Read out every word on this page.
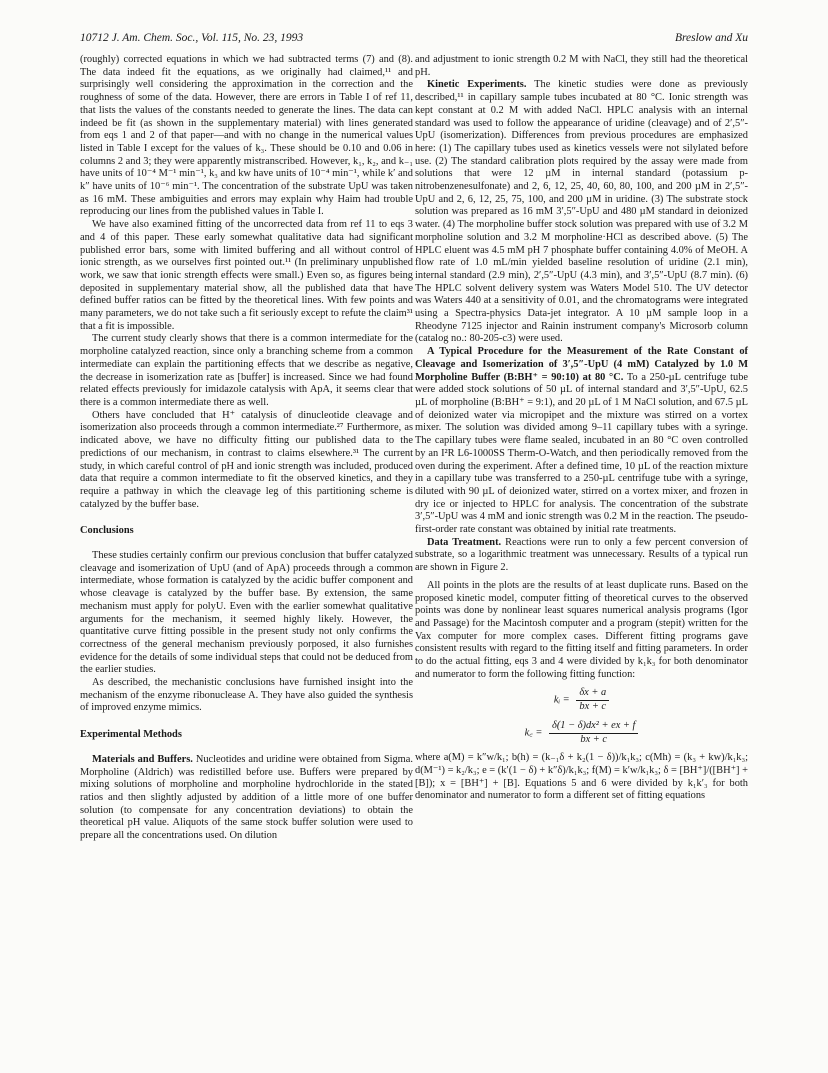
10712 J. Am. Chem. Soc., Vol. 115, No. 23, 1993	Breslow and Xu

(roughly) corrected equations in which we had subtracted terms (7) and (8). The data indeed fit the equations, as we originally had claimed,¹¹ and surprisingly well considering the approximation in the correction and the roughness of some of the data. However, there are errors in Table I of ref 11, that lists the values of the constants needed to generate the lines. The data can indeed be fit (as shown in the supplementary material) with lines generated from eqs 1 and 2 of that paper—and with no change in the numerical values listed in Table I except for the values of k₃. These should be 0.10 and 0.06 in columns 2 and 3; they were apparently mistranscribed. However, k₁, k₂, and k₋₁ have units of 10⁻⁴ M⁻¹ min⁻¹, k₃ and kw have units of 10⁻⁴ min⁻¹, while k′ and k″ have units of 10⁻⁶ min⁻¹. The concentration of the substrate UpU was taken as 16 mM. These ambiguities and errors may explain why Haim had trouble reproducing our lines from the published values in Table I.

We have also examined fitting of the uncorrected data from ref 11 to eqs 3 and 4 of this paper. These early somewhat qualitative data had significant published error bars, some with limited buffering and all without control of ionic strength, as we ourselves first pointed out.¹¹ (In preliminary unpublished work, we saw that ionic strength effects were small.) Even so, as figures being deposited in supplementary material show, all the published data that have defined buffer ratios can be fitted by the theoretical lines. With few points and many parameters, we do not take such a fit seriously except to refute the claim³¹ that a fit is impossible.

The current study clearly shows that there is a common intermediate for the morpholine catalyzed reaction, since only a branching scheme from a common intermediate can explain the partitioning effects that we describe as negative, the decrease in isomerization rate as [buffer] is increased. Since we had found related effects previously for imidazole catalysis with ApA, it seems clear that there is a common intermediate there as well.

Others have concluded that H⁺ catalysis of dinucleotide cleavage and isomerization also proceeds through a common intermediate.²⁷ Furthermore, as indicated above, we have no difficulty fitting our published data to the predictions of our mechanism, in contrast to claims elsewhere.³¹ The current study, in which careful control of pH and ionic strength was included, produced data that require a common intermediate to fit the observed kinetics, and they require a pathway in which the cleavage leg of this partitioning scheme is catalyzed by the buffer base.

Conclusions

These studies certainly confirm our previous conclusion that buffer catalyzed cleavage and isomerization of UpU (and of ApA) proceeds through a common intermediate, whose formation is catalyzed by the acidic buffer component and whose cleavage is catalyzed by the buffer base. By extension, the same mechanism must apply for polyU. Even with the earlier somewhat qualitative arguments for the mechanism, it seemed highly likely. However, the quantitative curve fitting possible in the present study not only confirms the correctness of the general mechanism previously porposed, it also furnishes evidence for the details of some individual steps that could not be deduced from the earlier studies.

As described, the mechanistic conclusions have furnished insight into the mechanism of the enzyme ribonuclease A. They have also guided the synthesis of improved enzyme mimics.

Experimental Methods

Materials and Buffers. Nucleotides and uridine were obtained from Sigma. Morpholine (Aldrich) was redistilled before use. Buffers were prepared by mixing solutions of morpholine and morpholine hydrochloride in the stated ratios and then slightly adjusted by addition of a little more of one buffer solution (to compensate for any concentration deviations) to obtain the theoretical pH value. Aliquots of the same stock buffer solution were used to prepare all the concentrations used. On dilution

and adjustment to ionic strength 0.2 M with NaCl, they still had the theoretical pH.

Kinetic Experiments. The kinetic studies were done as previously described,¹¹ in capillary sample tubes incubated at 80 °C. Ionic strength was kept constant at 0.2 M with added NaCl. HPLC analysis with an internal standard was used to follow the appearance of uridine (cleavage) and of 2′,5″-UpU (isomerization). Differences from previous procedures are emphasized here: (1) The capillary tubes used as kinetics vessels were not silylated before use. (2) The standard calibration plots required by the assay were made from solutions that were 12 µM in internal standard (potassium p-nitrobenzenesulfonate) and 2, 6, 12, 25, 40, 60, 80, 100, and 200 µM in 2′,5″-UpU and 2, 6, 12, 25, 75, 100, and 200 µM in uridine. (3) The substrate stock solution was prepared as 16 mM 3′,5″-UpU and 480 µM standard in deionized water. (4) The morpholine buffer stock solution was prepared with use of 3.2 M morpholine solution and 3.2 M morpholine·HCl as described above. (5) The HPLC eluent was 4.5 mM pH 7 phosphate buffer containing 4.0% of MeOH. A flow rate of 1.0 mL/min yielded baseline resolution of uridine (2.1 min), internal standard (2.9 min), 2′,5″-UpU (4.3 min), and 3′,5″-UpU (8.7 min). (6) The HPLC solvent delivery system was Waters Model 510. The UV detector was Waters 440 at a sensitivity of 0.01, and the chromatograms were integrated using a Spectra-physics Data-jet integrator. A 10 µM sample loop in a Rheodyne 7125 injector and Rainin instrument company's Microsorb column (catalog no.: 80-205-c3) were used.

A Typical Procedure for the Measurement of the Rate Constant of Cleavage and Isomerization of 3′,5″-UpU (4 mM) Catalyzed by 1.0 M Morpholine Buffer (B:BH⁺ = 90:10) at 80 °C. To a 250-µL centrifuge tube were added stock solutions of 50 µL of internal standard and 3′,5″-UpU, 62.5 µL of morpholine (B:BH⁺ = 9:1), and 20 µL of 1 M NaCl solution, and 67.5 µL of deionized water via micropipet and the mixture was stirred on a vortex mixer. The solution was divided among 9–11 capillary tubes with a syringe. The capillary tubes were flame sealed, incubated in an 80 °C oven controlled by an I²R L6-1000SS Therm-O-Watch, and then periodically removed from the oven during the experiment. After a defined time, 10 µL of the reaction mixture in a capillary tube was transferred to a 250-µL centrifuge tube with a syringe, diluted with 90 µL of deionized water, stirred on a vortex mixer, and frozen in dry ice or injected to HPLC for analysis. The concentration of the substrate 3′,5″-UpU was 4 mM and ionic strength was 0.2 M in the reaction. The pseudo-first-order rate constant was obtained by initial rate treatments.

Data Treatment. Reactions were run to only a few percent conversion of substrate, so a logarithmic treatment was unnecessary. Results of a typical run are shown in Figure 2.

All points in the plots are the results of at least duplicate runs. Based on the proposed kinetic model, computer fitting of theoretical curves to the observed points was done by nonlinear least squares numerical analysis programs (Igor and Passage) for the Macintosh computer and a program (stepit) written for the Vax computer for more complex cases. Different fitting programs gave consistent results with regard to the fitting itself and fitting parameters. In order to do the actual fitting, eqs 3 and 4 were divided by k₁k₃ for both denominator and numerator to form the following fitting function:

kᵢ = $\frac{\delta x + a}{bx + c}$
k꜀ = $\frac{\text{δ(1 − δ)dx² + ex + f}}{bx + c}$

where a(M) = k″w/k₁; b(h) = (k₋₁δ + k₂(1 − δ))/k₁k₃; c(Mh) = (k₃ + kw)/k₁k₃; d(M⁻¹) = k₂/k₃; e = (k′(1 − δ) + k″δ)/k₁k₃; f(M) = k′w/k₁k₃; δ = [BH⁺]/([BH⁺] + [B]); x = [BH⁺] + [B]. Equations 5 and 6 were divided by k₁k′₃ for both denominator and numerator to form a different set of fitting equations
